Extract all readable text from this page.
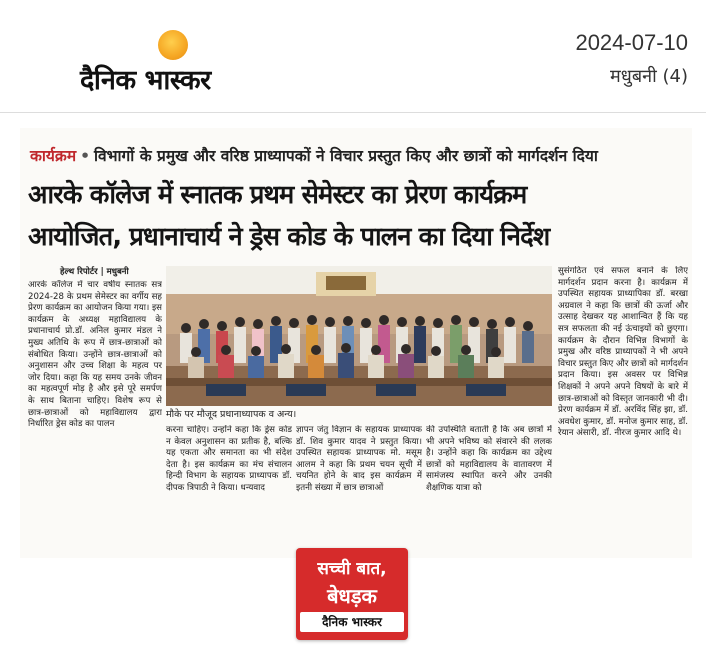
दैनिक भास्कर
2024-07-10
मधुबनी (4)
कार्यक्रम • विभागों के प्रमुख और वरिष्ठ प्राध्यापकों ने विचार प्रस्तुत किए और छात्रों को मार्गदर्शन दिया
आरके कॉलेज में स्नातक प्रथम सेमेस्टर का प्रेरण कार्यक्रम
आयोजित, प्रधानाचार्य ने ड्रेस कोड के पालन का दिया निर्देश
हेल्थ रिपोर्टर | मधुबनी
आरके कॉलेज में चार वर्षीय स्नातक सत्र 2024-28 के प्रथम सेमेस्टर का वर्गीय सह प्रेरण कार्यक्रम का आयोजन किया गया। इस कार्यक्रम के अध्यक्ष महाविद्यालय के प्रधानाचार्य प्रो.डॉ. अनिल कुमार मंडल ने मुख्य अतिथि के रूप में छात्र-छात्राओं को संबोधित किया। उन्होंने छात्र-छात्राओं को अनुशासन और उच्च शिक्षा के महत्व पर जोर दिया। कहा कि यह समय उनके जीवन का महत्वपूर्ण मोड़ है और इसे पूरे समर्पण के साथ बिताना चाहिए। विशेष रूप से छात्र-छात्राओं को महाविद्यालय द्वारा निर्धारित ड्रेस कोड का पालन
मौके पर मौजूद प्रधानाध्यापक व अन्य।
करना चाहिए। उन्होंने कहा कि ड्रेस कोड न केवल अनुशासन का प्रतीक है, बल्कि यह एकता और समानता का भी संदेश देता है। इस कार्यक्रम का मंच संचालन हिन्दी विभाग के सहायक प्राध्यापक डॉ. दीपक त्रिपाठी ने किया। धन्यवाद
ज्ञापन जंतु विज्ञान के सहायक प्राध्यापक डॉ. शिव कुमार यादव ने प्रस्तुत किया। उपस्थित सहायक प्राध्यापक मो. मसूम आलम ने कहा कि प्रथम चयन सूची में चयनित होने के बाद इस कार्यक्रम में इतनी संख्या में छात्र छात्राओं
की उपस्थिति बताती है कि अब छात्रों में भी अपने भविष्य को संवारने की ललक है। उन्होंने कहा कि कार्यक्रम का उद्देश्य छात्रों को महाविद्यालय के वातावरण में सामंजस्य स्थापित करने और उनकी शैक्षणिक यात्रा को
सुसंगठित एवं सफल बनाने के लिए मार्गदर्शन प्रदान करना है। कार्यक्रम में उपस्थित सहायक प्राध्यापिका डॉ. बरखा अग्रवाल ने कहा कि छात्रों की ऊर्जा और उत्साह देखकर यह आशान्वित हैं कि यह सत्र सफलता की नई ऊंचाइयों को छुएगा। कार्यक्रम के दौरान विभिन्न विभागों के प्रमुख और वरिष्ठ प्राध्यापकों ने भी अपने विचार प्रस्तुत किए और छात्रों को मार्गदर्शन प्रदान किया। इस अवसर पर विभिन्न शिक्षकों ने अपने अपने विषयों के बारे में छात्र-छात्राओं को विस्तृत जानकारी भी दी। प्रेरण कार्यक्रम में डॉ. अरविंद सिंह झा, डॉ. अवधेश कुमार, डॉ. मनोज कुमार साह, डॉ. रेयान अंसारी, डॉ. नीरज कुमार आदि थे।
सच्ची बात,
बेधड़क
दैनिक भास्कर
